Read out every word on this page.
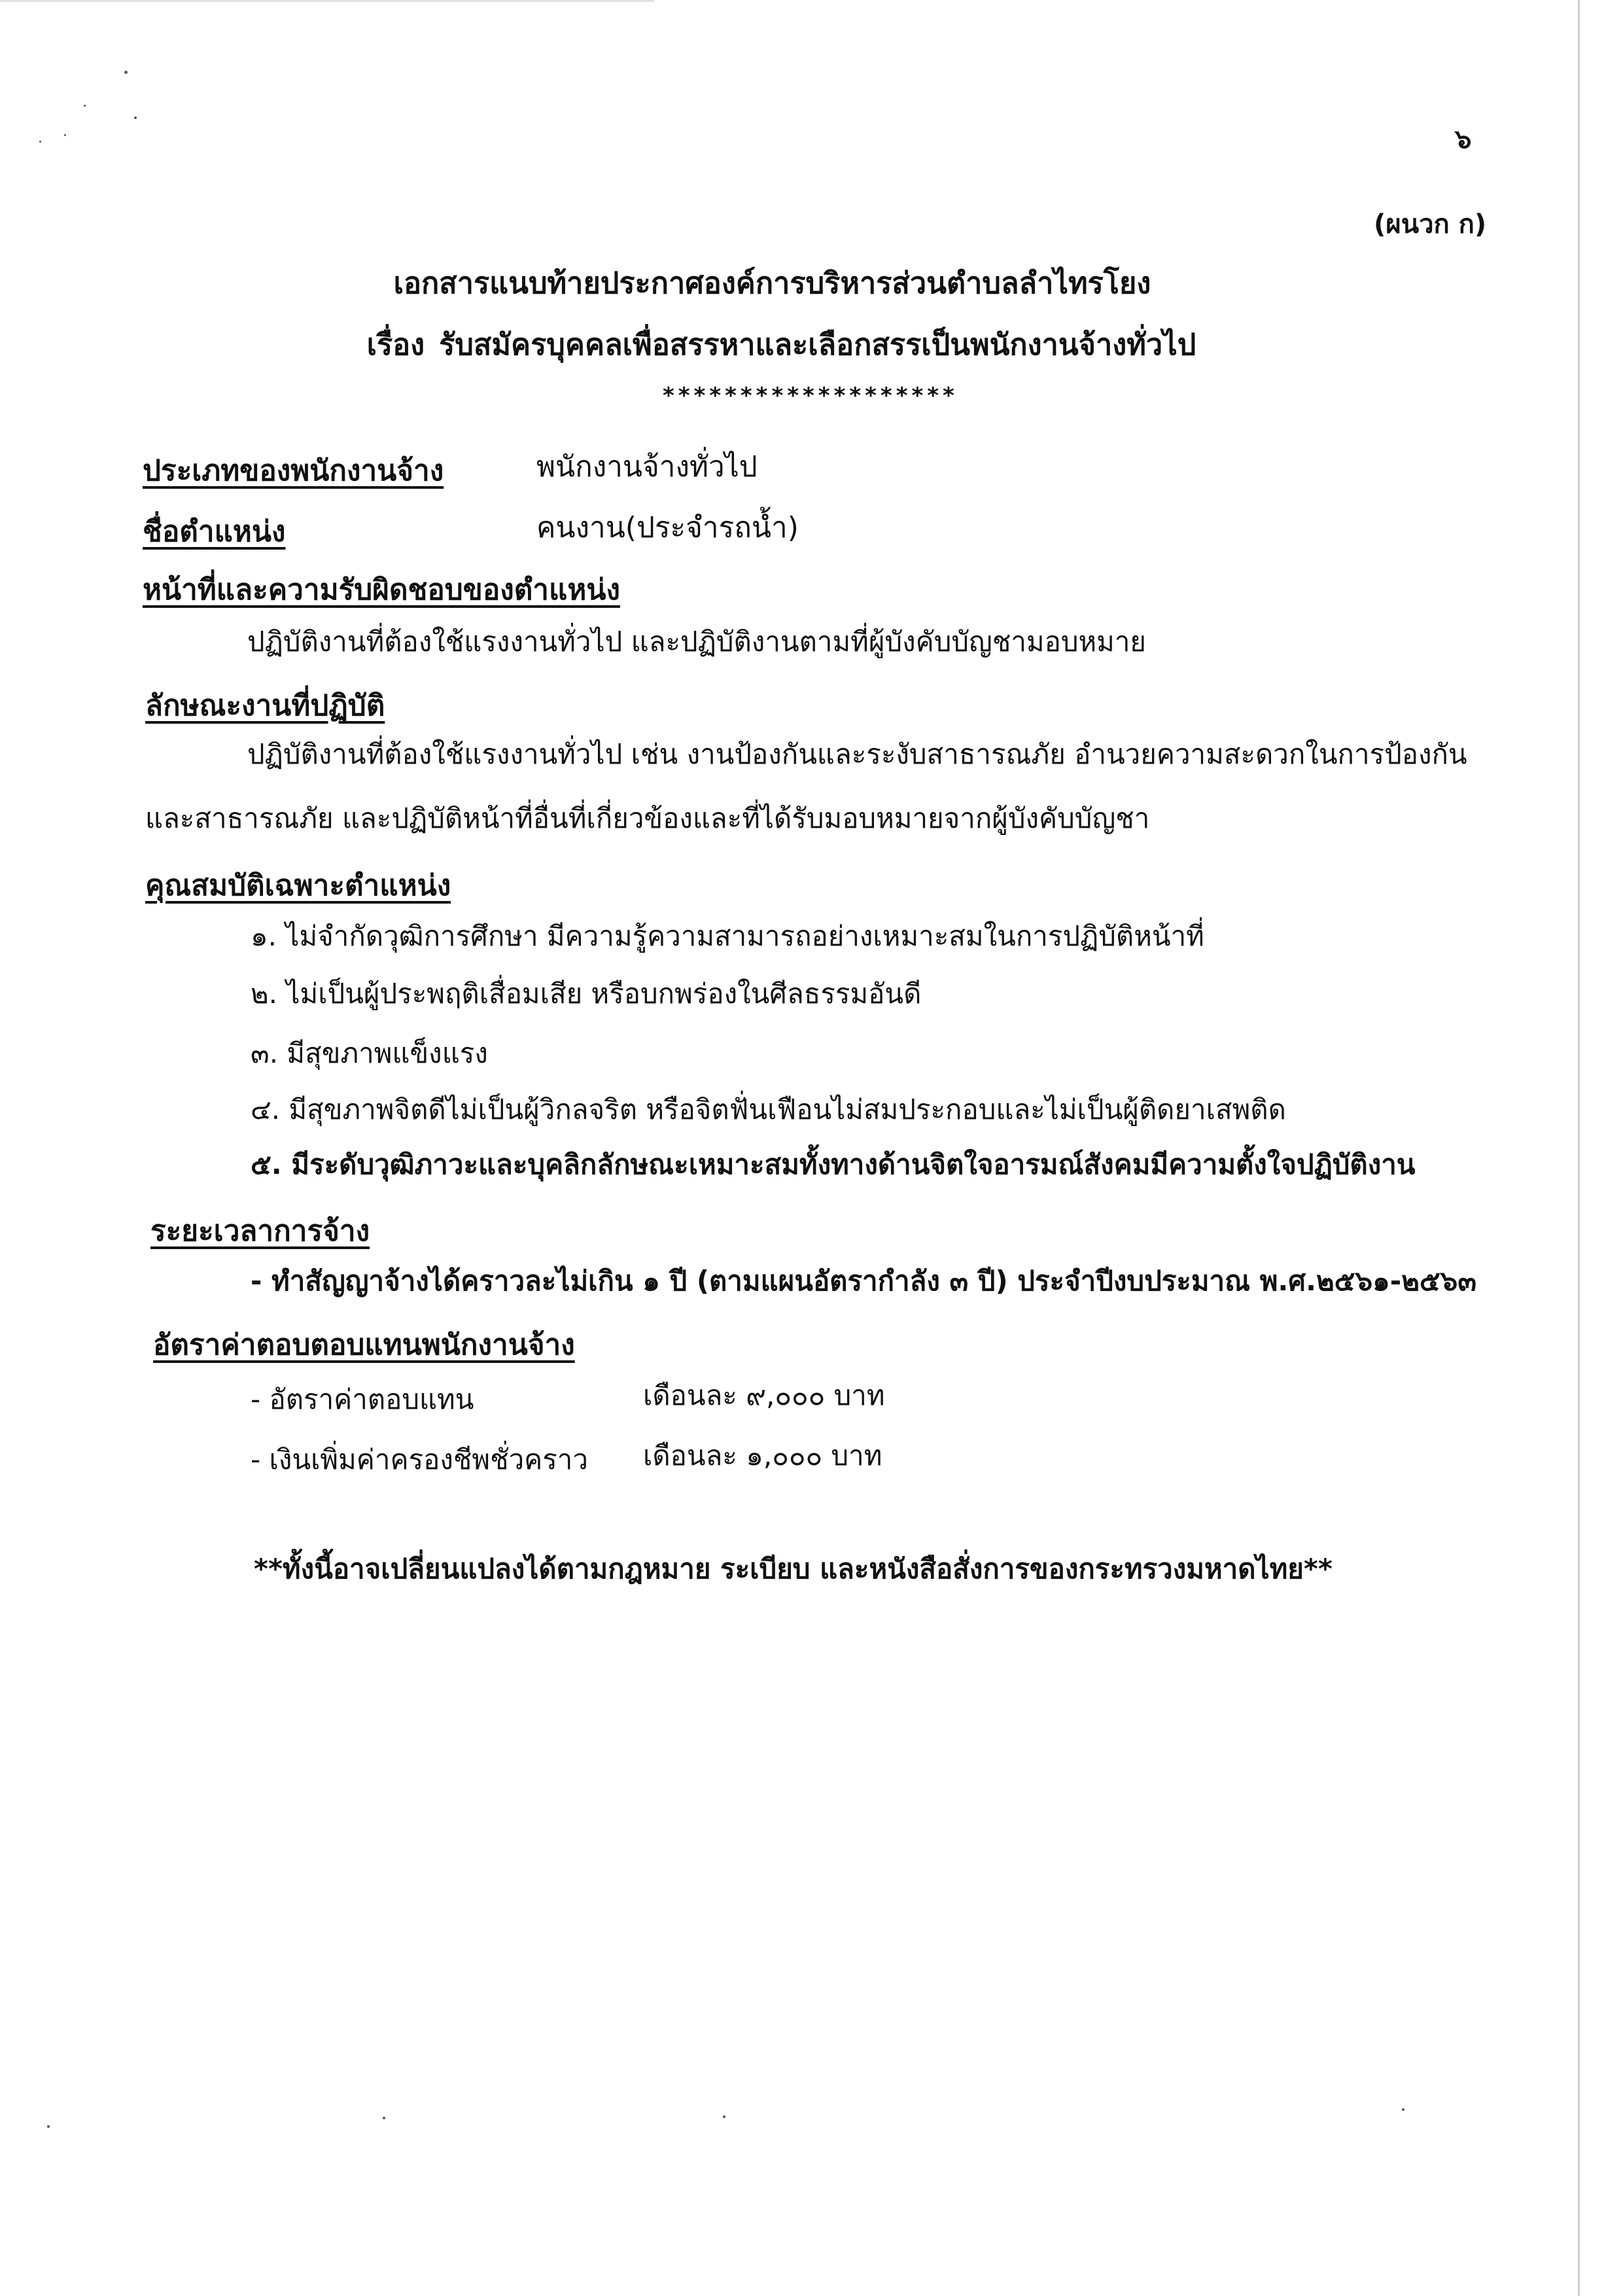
๖
(ผนวก ก)
เอกสารแนบท้ายประกาศองค์การบริหารส่วนตำบลลำไทรโยง
เรื่อง รับสมัครบุคคลเพื่อสรรหาและเลือกสรรเป็นพนักงานจ้างทั่วไป
*******************
ประเภทของพนักงานจ้าง	พนักงานจ้างทั่วไป
ชื่อตำแหน่ง	คนงาน(ประจำรถน้ำ)
หน้าที่และความรับผิดชอบของตำแหน่ง
ปฏิบัติงานที่ต้องใช้แรงงานทั่วไป และปฏิบัติงานตามที่ผู้บังคับบัญชามอบหมาย
ลักษณะงานที่ปฏิบัติ
ปฏิบัติงานที่ต้องใช้แรงงานทั่วไป เช่น งานป้องกันและระงับสาธารณภัย อำนวยความสะดวกในการป้องกัน
และสาธารณภัย และปฏิบัติหน้าที่อื่นที่เกี่ยวข้องและที่ได้รับมอบหมายจากผู้บังคับบัญชา
คุณสมบัติเฉพาะตำแหน่ง
๑. ไม่จำกัดวุฒิการศึกษา มีความรู้ความสามารถอย่างเหมาะสมในการปฏิบัติหน้าที่
๒. ไม่เป็นผู้ประพฤติเสื่อมเสีย หรือบกพร่องในศีลธรรมอันดี
๓. มีสุขภาพแข็งแรง
๔. มีสุขภาพจิตดีไม่เป็นผู้วิกลจริต หรือจิตฟั่นเฟือนไม่สมประกอบและไม่เป็นผู้ติดยาเสพติด
๕. มีระดับวุฒิภาวะและบุคลิกลักษณะเหมาะสมทั้งทางด้านจิตใจอารมณ์สังคมมีความตั้งใจปฏิบัติงาน
ระยะเวลาการจ้าง
- ทำสัญญาจ้างได้คราวละไม่เกิน ๑ ปี (ตามแผนอัตรากำลัง ๓ ปี) ประจำปีงบประมาณ พ.ศ.๒๕๖๑-๒๕๖๓
อัตราค่าตอบตอบแทนพนักงานจ้าง
- อัตราค่าตอบแทน	เดือนละ ๙,๐๐๐ บาท
- เงินเพิ่มค่าครองชีพชั่วคราว เดือนละ ๑,๐๐๐ บาท
**ทั้งนี้อาจเปลี่ยนแปลงได้ตามกฎหมาย ระเบียบ และหนังสือสั่งการของกระทรวงมหาดไทย**
